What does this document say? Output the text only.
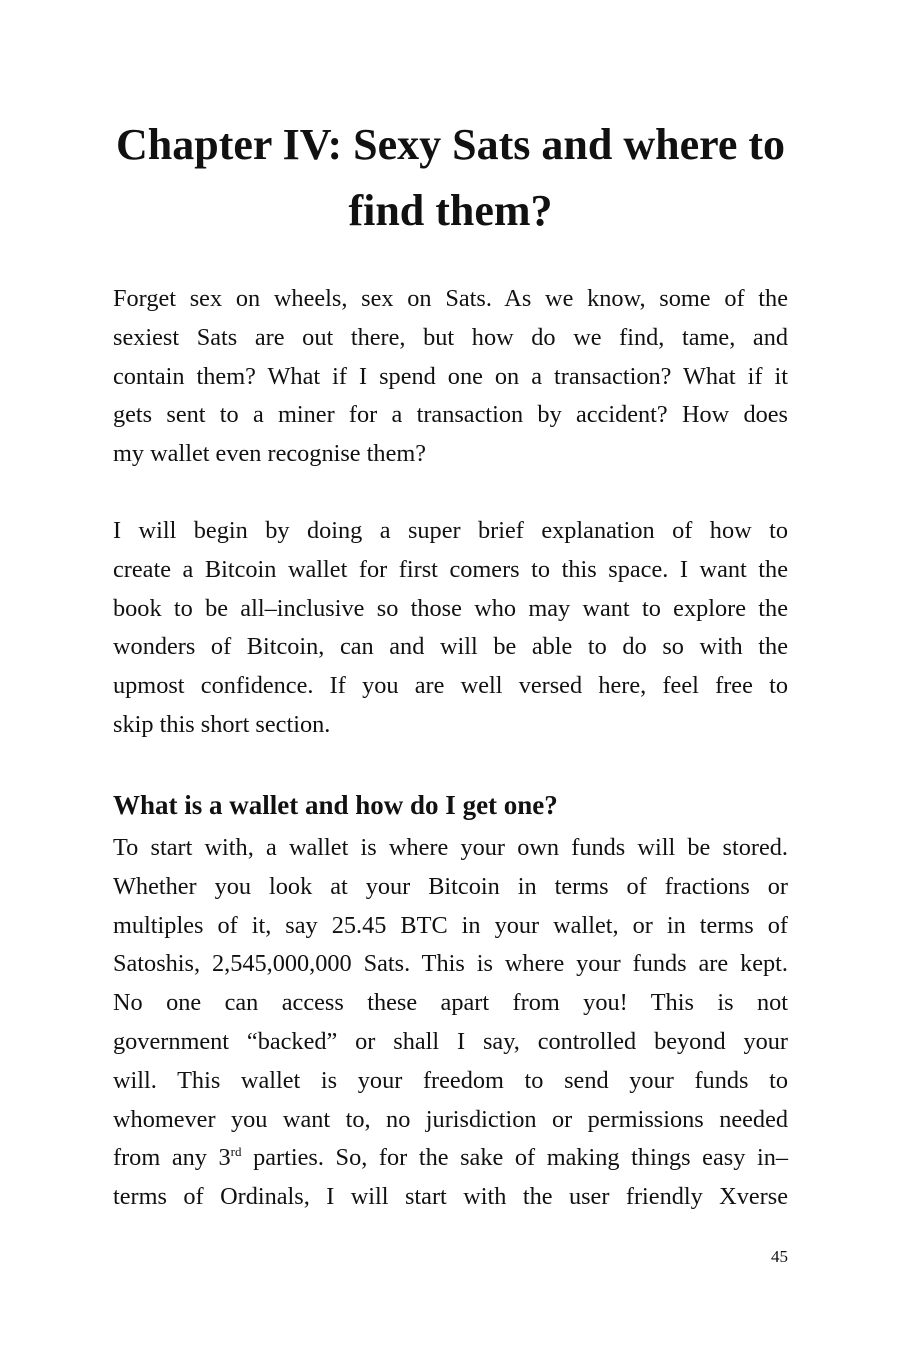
Chapter IV: Sexy Sats and where to
find them?

Forget sex on wheels, sex on Sats. As we know, some of the
sexiest Sats are out there, but how do we find, tame, and
contain them? What if I spend one on a transaction? What if it
gets sent to a miner for a transaction by accident? How does
my wallet even recognise them?

I will begin by doing a super brief explanation of how to
create a Bitcoin wallet for first comers to this space. I want the
book to be all–inclusive so those who may want to explore the
wonders of Bitcoin, can and will be able to do so with the
upmost confidence. If you are well versed here, feel free to
skip this short section.

What is a wallet and how do I get one?

To start with, a wallet is where your own funds will be stored.
Whether you look at your Bitcoin in terms of fractions or
multiples of it, say 25.45 BTC in your wallet, or in terms of
Satoshis, 2,545,000,000 Sats. This is where your funds are kept.
No one can access these apart from you! This is not
government “backed” or shall I say, controlled beyond your
will. This wallet is your freedom to send your funds to
whomever you want to, no jurisdiction or permissions needed
from any 3rd parties. So, for the sake of making things easy in–
terms of Ordinals, I will start with the user friendly Xverse

45
